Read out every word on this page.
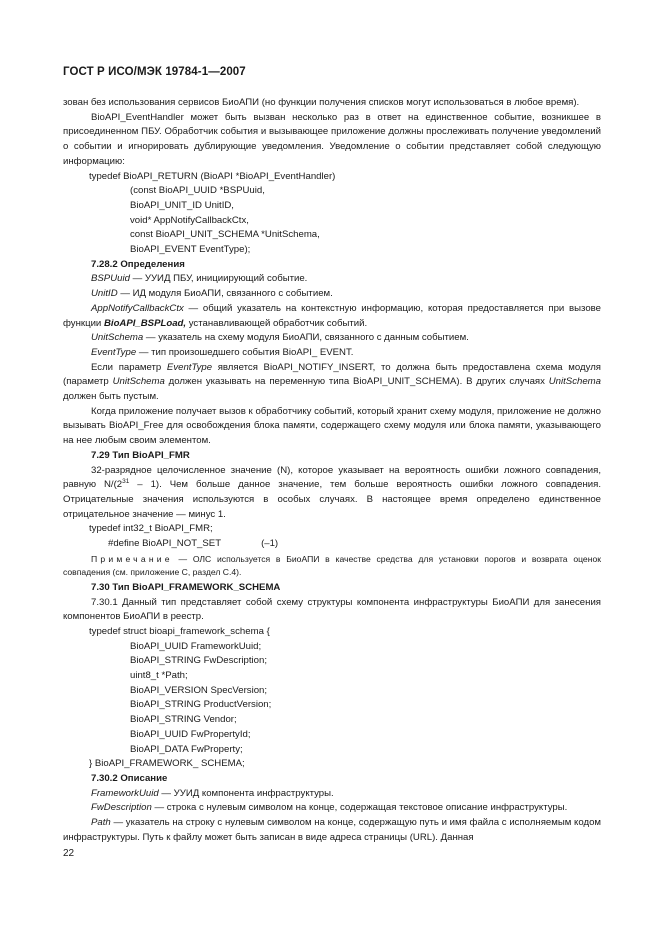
ГОСТ Р ИСО/МЭК 19784-1—2007

зован без использования сервисов БиоАПИ (но функции получения списков могут использоваться в любое время).

BioAPI_EventHandler может быть вызван несколько раз в ответ на единственное событие, возникшее в присоединенном ПБУ. Обработчик события и вызывающее приложение должны прослеживать получение уведомлений о событии и игнорировать дублирующие уведомления. Уведомление о событии представляет собой следующую информацию:

typedef BioAPI_RETURN (BioAPI *BioAPI_EventHandler)

(const BioAPI_UUID *BSPUuid,

BioAPI_UNIT_ID UnitID,

void* AppNotifyCallbackCtx,

const BioAPI_UNIT_SCHEMA *UnitSchema,

BioAPI_EVENT EventType);

7.28.2 Определения

BSPUuid — УУИД ПБУ, инициирующий событие.

UnitID — ИД модуля БиоАПИ, связанного с событием.

AppNotifyCallbackCtx — общий указатель на контекстную информацию, которая предоставляется при вызове функции BioAPI_BSPLoad, устанавливающей обработчик событий.

UnitSchema — указатель на схему модуля БиоАПИ, связанного с данным событием.

EventType — тип произошедшего события BioAPI_ EVENT.

Если параметр EventType является BioAPI_NOTIFY_INSERT, то должна быть предоставлена схема модуля (параметр UnitSchema должен указывать на переменную типа BioAPI_UNIT_SCHEMA). В других случаях UnitSchema должен быть пустым.

Когда приложение получает вызов к обработчику событий, который хранит схему модуля, приложение не должно вызывать BioAPI_Free для освобождения блока памяти, содержащего схему модуля или блока памяти, указывающего на нее любым своим элементом.

7.29 Тип BioAPI_FMR

32-разрядное целочисленное значение (N), которое указывает на вероятность ошибки ложного совпадения, равную $N/(2^{31} - 1)$. Чем больше данное значение, тем больше вероятность ошибки ложного совпадения. Отрицательные значения используются в особых случаях. В настоящее время определено единственное отрицательное значение — минус 1.

typedef int32_t BioAPI_FMR;

#define BioAPI_NOT_SET	(–1)

Примечание — ОЛС используется в БиоАПИ в качестве средства для установки порогов и возврата оценок совпадения (см. приложение С, раздел С.4).

7.30 Тип BioAPI_FRAMEWORK_SCHEMA

7.30.1 Данный тип представляет собой схему структуры компонента инфраструктуры БиоАПИ для занесения компонентов БиоАПИ в реестр.

typedef struct bioapi_framework_schema {

BioAPI_UUID FrameworkUuid;

BioAPI_STRING FwDescription;

uint8_t *Path;

BioAPI_VERSION SpecVersion;

BioAPI_STRING ProductVersion;

BioAPI_STRING Vendor;

BioAPI_UUID FwPropertyId;

BioAPI_DATA FwProperty;

} BioAPI_FRAMEWORK_ SCHEMA;

7.30.2 Описание

FrameworkUuid — УУИД компонента инфраструктуры.

FwDescription — строка с нулевым символом на конце, содержащая текстовое описание инфраструктуры.

Path — указатель на строку с нулевым символом на конце, содержащую путь и имя файла с исполняемым кодом инфраструктуры. Путь к файлу может быть записан в виде адреса страницы (URL). Данная

22
